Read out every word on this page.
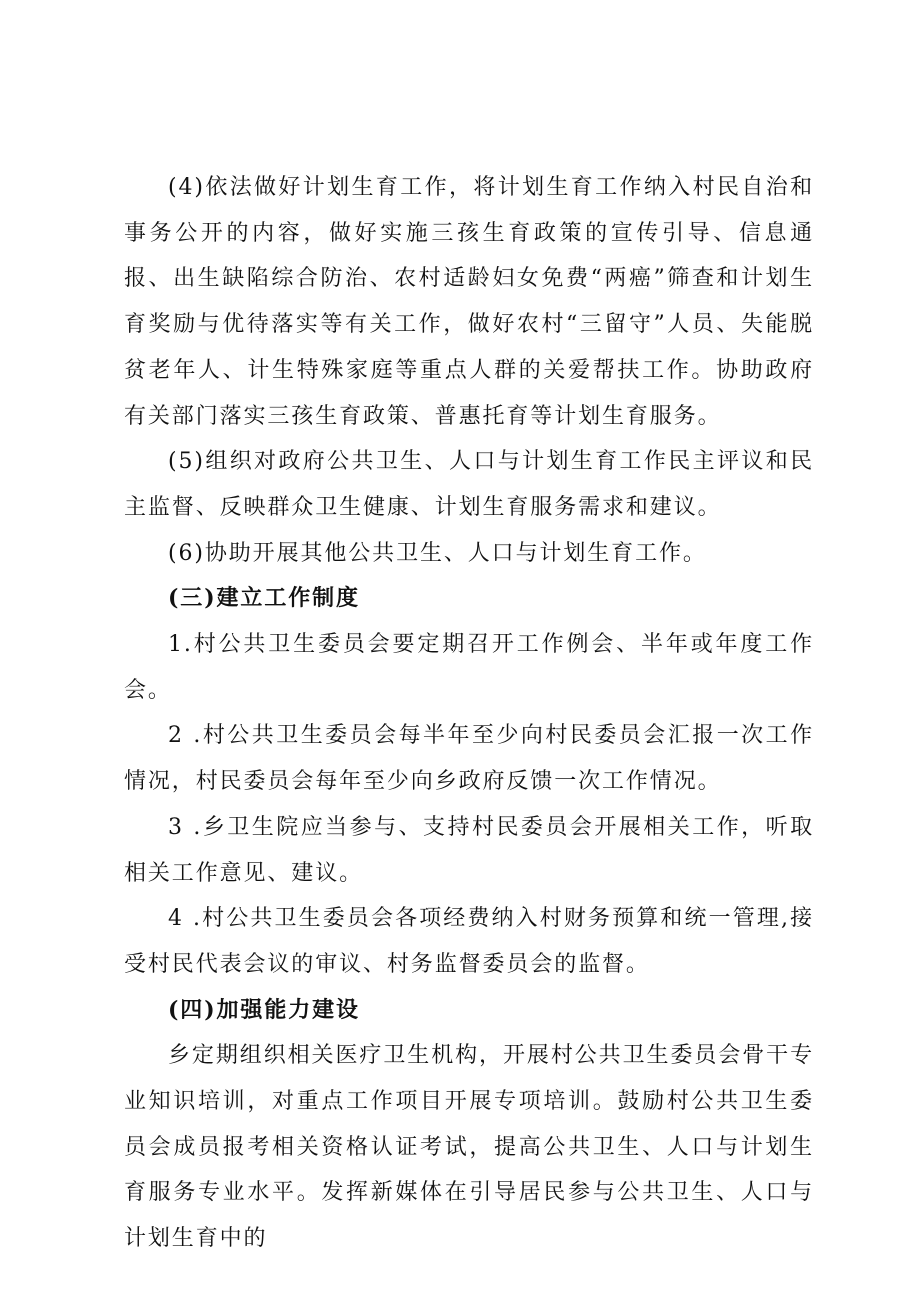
(4)依法做好计划生育工作，将计划生育工作纳入村民自治和事务公开的内容，做好实施三孩生育政策的宣传引导、信息通报、出生缺陷综合防治、农村适龄妇女免费“两癌”筛查和计划生育奖励与优待落实等有关工作，做好农村“三留守”人员、失能脱贫老年人、计生特殊家庭等重点人群的关爱帮扶工作。协助政府有关部门落实三孩生育政策、普惠托育等计划生育服务。

(5)组织对政府公共卫生、人口与计划生育工作民主评议和民主监督、反映群众卫生健康、计划生育服务需求和建议。

(6)协助开展其他公共卫生、人口与计划生育工作。

(三)建立工作制度

1.村公共卫生委员会要定期召开工作例会、半年或年度工作会。

2 .村公共卫生委员会每半年至少向村民委员会汇报一次工作情况，村民委员会每年至少向乡政府反馈一次工作情况。

3 .乡卫生院应当参与、支持村民委员会开展相关工作，听取相关工作意见、建议。

4 .村公共卫生委员会各项经费纳入村财务预算和统一管理,接受村民代表会议的审议、村务监督委员会的监督。

(四)加强能力建设

乡定期组织相关医疗卫生机构，开展村公共卫生委员会骨干专业知识培训，对重点工作项目开展专项培训。鼓励村公共卫生委员会成员报考相关资格认证考试，提高公共卫生、人口与计划生育服务专业水平。发挥新媒体在引导居民参与公共卫生、人口与计划生育中的
